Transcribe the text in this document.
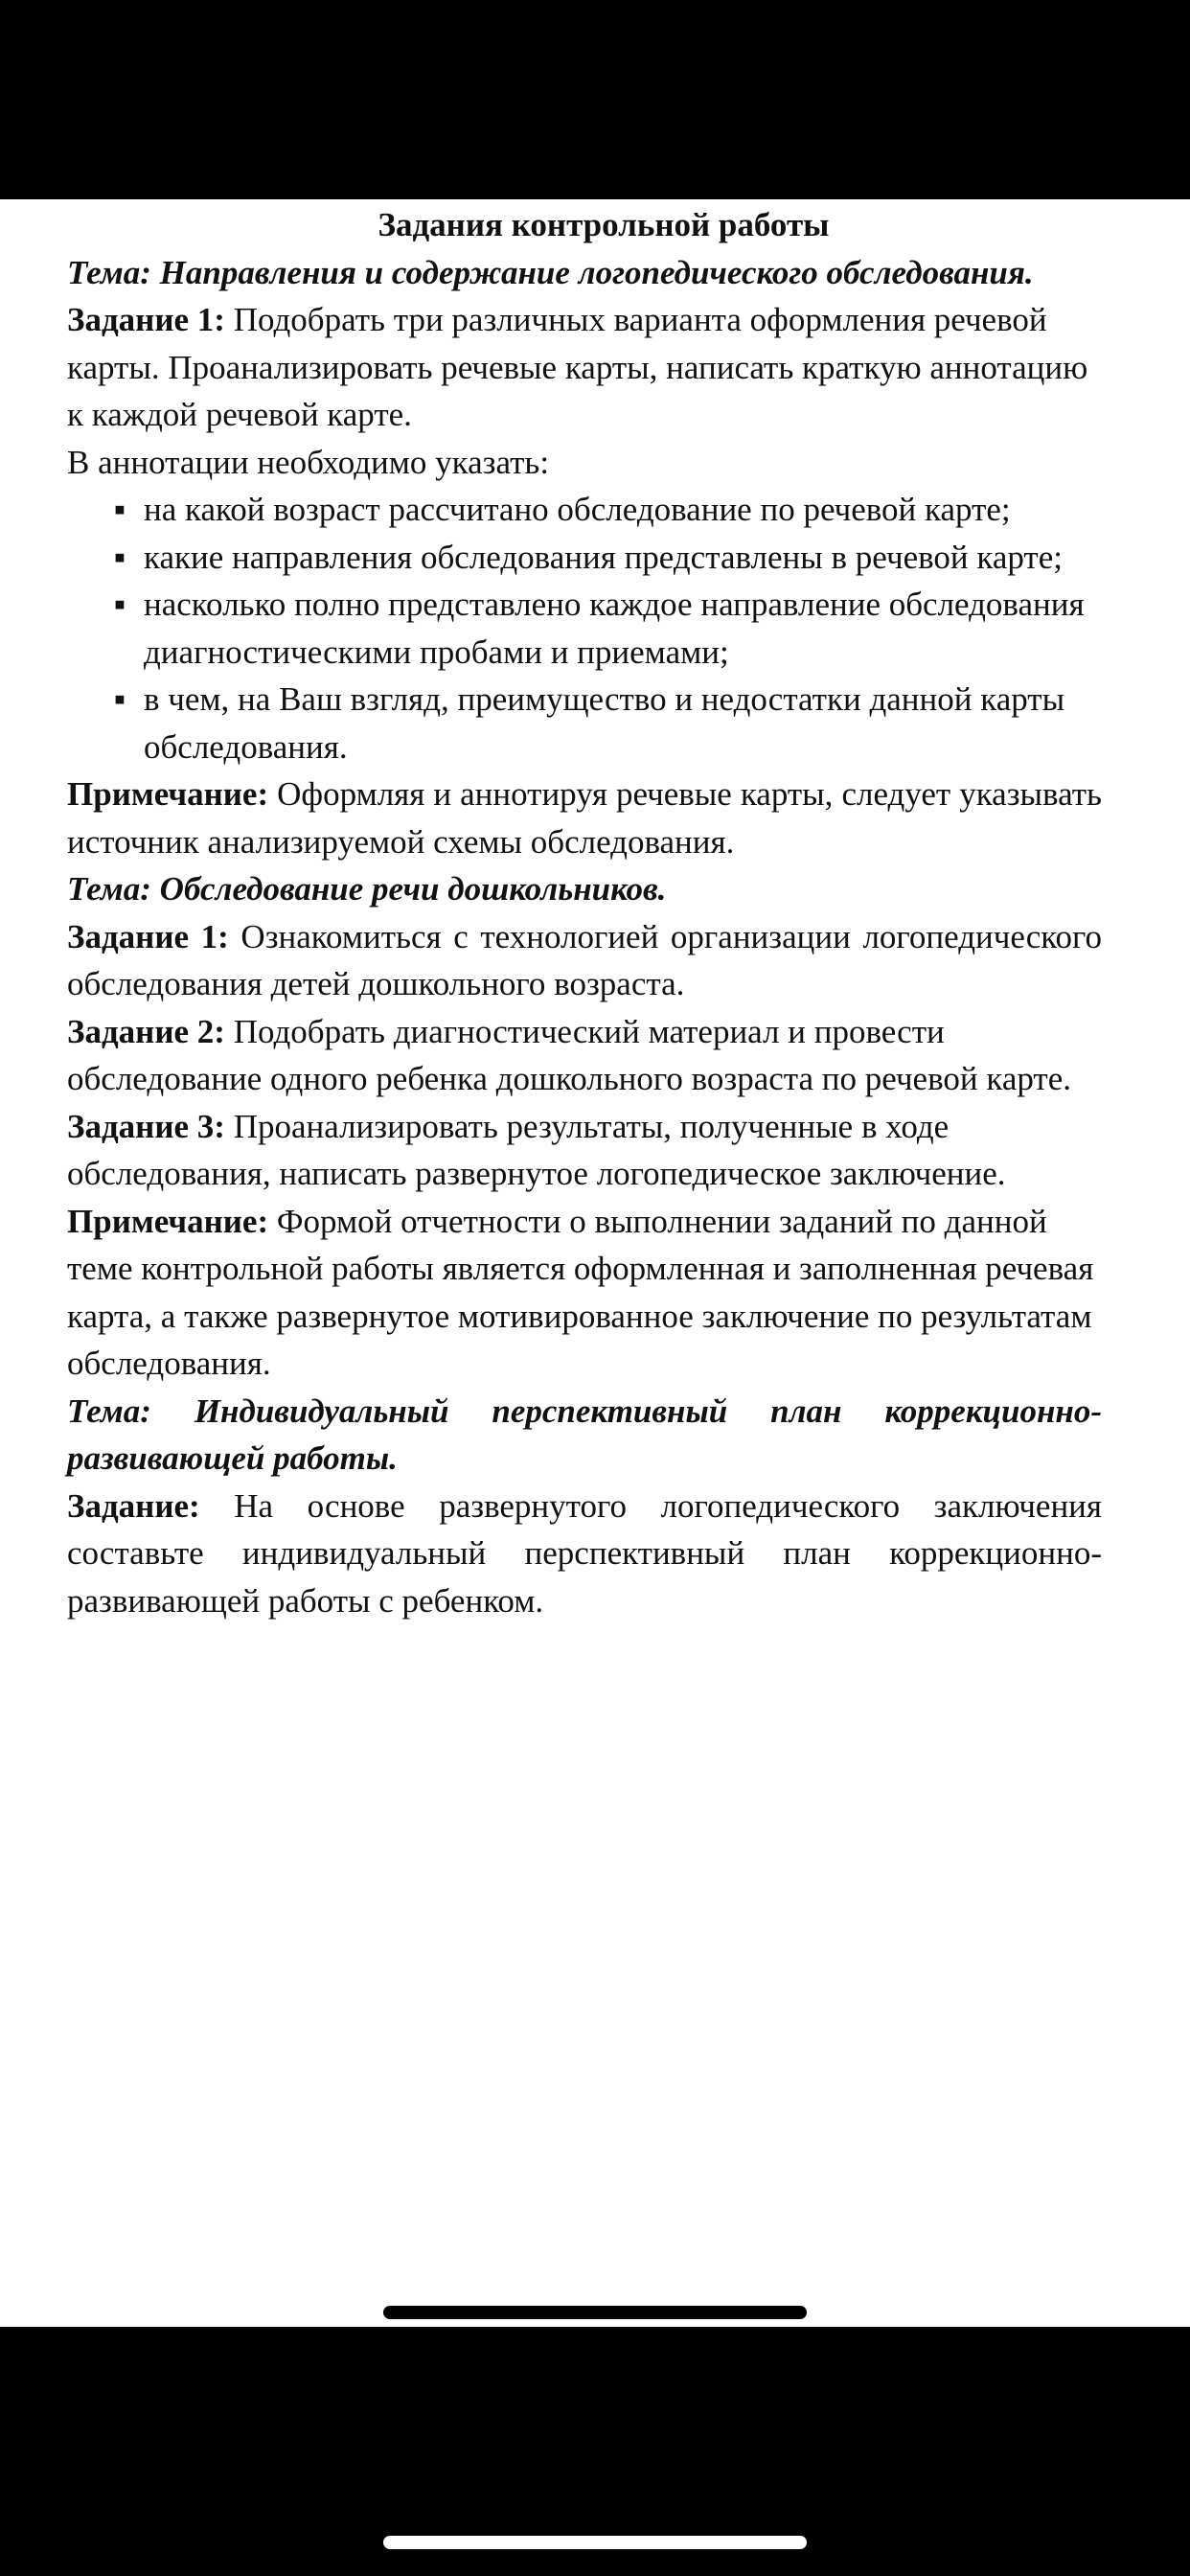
Задания контрольной работы

Тема: Направления и содержание логопедического обследования.

Задание 1: Подобрать три различных варианта оформления речевой карты. Проанализировать речевые карты, написать краткую аннотацию к каждой речевой карте.

В аннотации необходимо указать:

▪ на какой возраст рассчитано обследование по речевой карте;
▪ какие направления обследования представлены в речевой карте;
▪ насколько полно представлено каждое направление обследования диагностическими пробами и приемами;
▪ в чем, на Ваш взгляд, преимущество и недостатки данной карты обследования.

Примечание: Оформляя и аннотируя речевые карты, следует указывать источник анализируемой схемы обследования.

Тема: Обследование речи дошкольников.

Задание 1: Ознакомиться с технологией организации логопедического обследования детей дошкольного возраста.

Задание 2: Подобрать диагностический материал и провести обследование одного ребенка дошкольного возраста по речевой карте.

Задание 3: Проанализировать результаты, полученные в ходе обследования, написать развернутое логопедическое заключение.

Примечание: Формой отчетности о выполнении заданий по данной теме контрольной работы является оформленная и заполненная речевая карта, а также развернутое мотивированное заключение по результатам обследования.

Тема: Индивидуальный перспективный план коррекционно-развивающей работы.

Задание: На основе развернутого логопедического заключения составьте индивидуальный перспективный план коррекционно-развивающей работы с ребенком.
